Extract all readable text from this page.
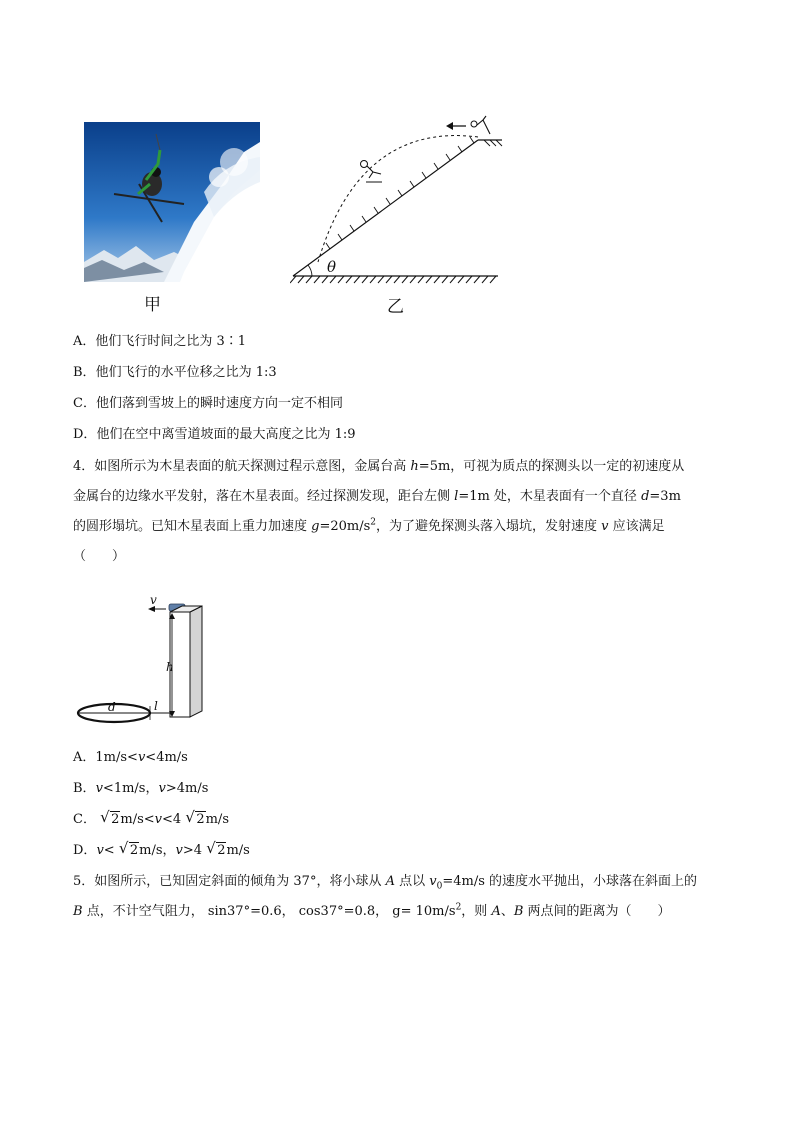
甲
θ
乙
A．他们飞行时间之比为 3∶1
B．他们飞行的水平位移之比为 1:3
C．他们落到雪坡上的瞬时速度方向一定不相同
D．他们在空中离雪道坡面的最大高度之比为 1:9
4．如图所示为木星表面的航天探测过程示意图，金属台高 h=5m，可视为质点的探测头以一定的初速度从
金属台的边缘水平发射，落在木星表面。经过探测发现，距台左侧 l=1m 处，木星表面有一个直径 d=3m
的圆形塌坑。已知木星表面上重力加速度 $g=20m/s^2$，为了避免探测头落入塌坑，发射速度 v 应该满足
（　　）
v
h
d	l
A．1m/s<v<4m/s
B．v<1m/s，v>4m/s
C． √ 2m/s<v<4 √ 2m/s
D．v< √ 2m/s，v>4 √ 2m/s
5．如图所示，已知固定斜面的倾角为 37°，将小球从 A 点以 $v_0=4m/s$ 的速度水平抛出，小球落在斜面上的
B 点，不计空气阻力， sin37°=0.6， cos37°=0.8， $g= 10m/s^2$，则 A、B 两点间的距离为（　　）
